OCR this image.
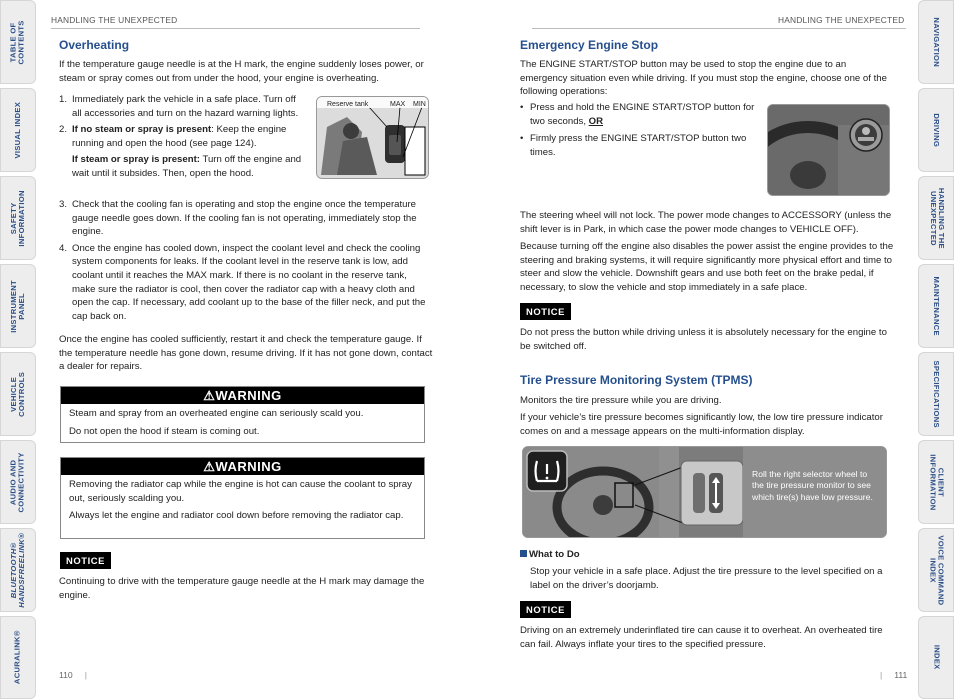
TABLE OF
CONTENTS
VISUAL INDEX
SAFETY
INFORMATION
INSTRUMENT
PANEL
VEHICLE
CONTROLS
AUDIO AND
CONNECTIVITY
BLUETOOTH®
HANDSFREELINK®
ACURALINK®
NAVIGATION
DRIVING
HANDLING THE
UNEXPECTED
MAINTENANCE
SPECIFICATIONS
CLIENT
INFORMATION
VOICE COMMAND
INDEX
INDEX
HANDLING THE UNEXPECTED
Overheating
If the temperature gauge needle is at the H mark, the engine suddenly loses power, or steam or spray comes out from under the hood, your engine is overheating.
1. Immediately park the vehicle in a safe place. Turn off all accessories and turn on the hazard warning lights.
2. If no steam or spray is present: Keep the engine running and open the hood (see page 124).
If steam or spray is present: Turn off the engine and wait until it subsides. Then, open the hood.
3. Check that the cooling fan is operating and stop the engine once the temperature gauge needle goes down. If the cooling fan is not operating, immediately stop the engine.
4. Once the engine has cooled down, inspect the coolant level and check the cooling system components for leaks. If the coolant level in the reserve tank is low, add coolant until it reaches the MAX mark. If there is no coolant in the reserve tank, make sure the radiator is cool, then cover the radiator cap with a heavy cloth and open the cap. If necessary, add coolant up to the base of the filler neck, and put the cap back on.
Reserve tank	MAX MIN
Once the engine has cooled sufficiently, restart it and check the temperature gauge. If the temperature needle has gone down, resume driving. If it has not gone down, contact a dealer for repairs.
⚠WARNING

Steam and spray from an overheated engine can seriously scald you.

Do not open the hood if steam is coming out.

⚠WARNING

Removing the radiator cap while the engine is hot can cause the coolant to spray out, seriously scalding you.

Always let the engine and radiator cool down before removing the radiator cap.

NOTICE
Continuing to drive with the temperature gauge needle at the H mark may damage the engine.
110 |
HANDLING THE UNEXPECTED
Emergency Engine Stop
The ENGINE START/STOP button may be used to stop the engine due to an emergency situation even while driving. If you must stop the engine, choose one of the following operations:
• Press and hold the ENGINE START/STOP button for two seconds, OR
• Firmly press the ENGINE START/STOP button two times.
The steering wheel will not lock. The power mode changes to ACCESSORY (unless the shift lever is in Park, in which case the power mode changes to VEHICLE OFF).
Because turning off the engine also disables the power assist the engine provides to the steering and braking systems, it will require significantly more physical effort and time to steer and slow the vehicle. Downshift gears and use both feet on the brake pedal, if necessary, to slow the vehicle and stop immediately in a safe place.
NOTICE
Do not press the button while driving unless it is absolutely necessary for the engine to be switched off.
Tire Pressure Monitoring System (TPMS)
Monitors the tire pressure while you are driving.
If your vehicle’s tire pressure becomes significantly low, the low tire pressure indicator comes on and a message appears on the multi-information display.
Roll the right selector wheel to the tire pressure monitor to see which tire(s) have low pressure.
What to Do
Stop your vehicle in a safe place. Adjust the tire pressure to the level specified on a label on the driver’s doorjamb.
NOTICE
Driving on an extremely underinflated tire can cause it to overheat. An overheated tire can fail. Always inflate your tires to the specified pressure.
| 111
